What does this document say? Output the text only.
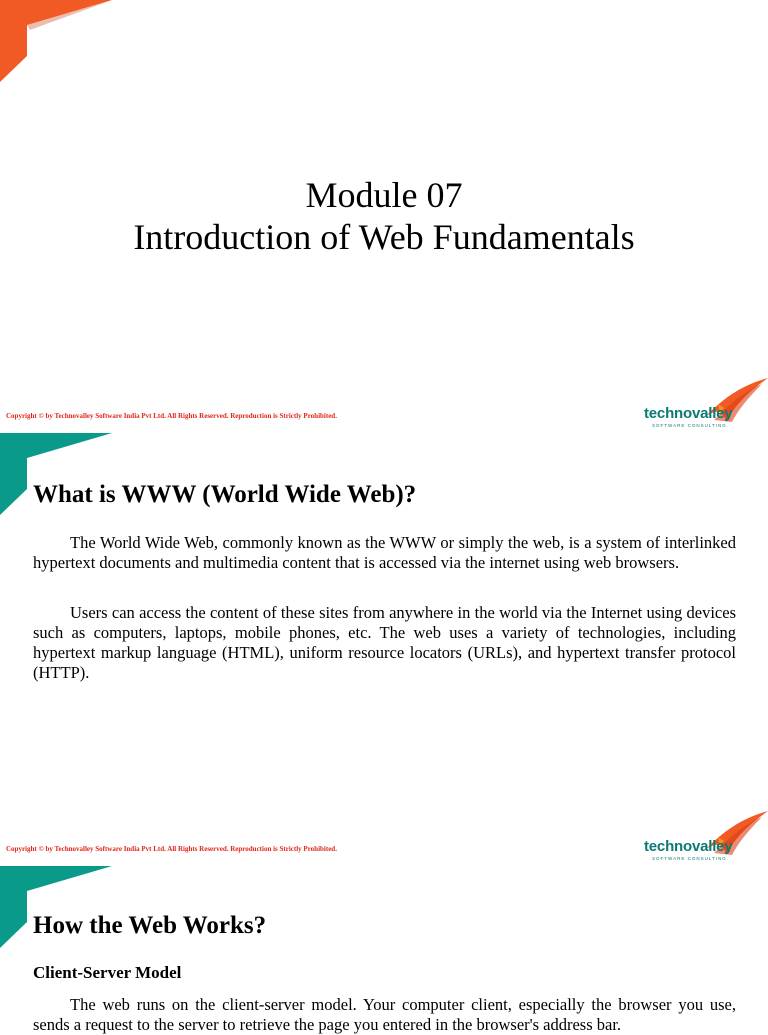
Module 07
Introduction of Web Fundamentals
Copyright © by Technovalley Software India Pvt Ltd. All Rights Reserved. Reproduction is Strictly Prohibited.	technovalley
SOFTWARE CONSULTING
What is WWW (World Wide Web)?
The World Wide Web, commonly known as the WWW or simply the web, is a system of interlinked hypertext documents and multimedia content that is accessed via the internet using web browsers.
Users can access the content of these sites from anywhere in the world via the Internet using devices such as computers, laptops, mobile phones, etc. The web uses a variety of technologies, including hypertext markup language (HTML), uniform resource locators (URLs), and hypertext transfer protocol (HTTP).
Copyright © by Technovalley Software India Pvt Ltd. All Rights Reserved. Reproduction is Strictly Prohibited.	technovalley
SOFTWARE CONSULTING
How the Web Works?
Client-Server Model
The web runs on the client-server model. Your computer client, especially the browser you use, sends a request to the server to retrieve the page you entered in the browser's address bar.
